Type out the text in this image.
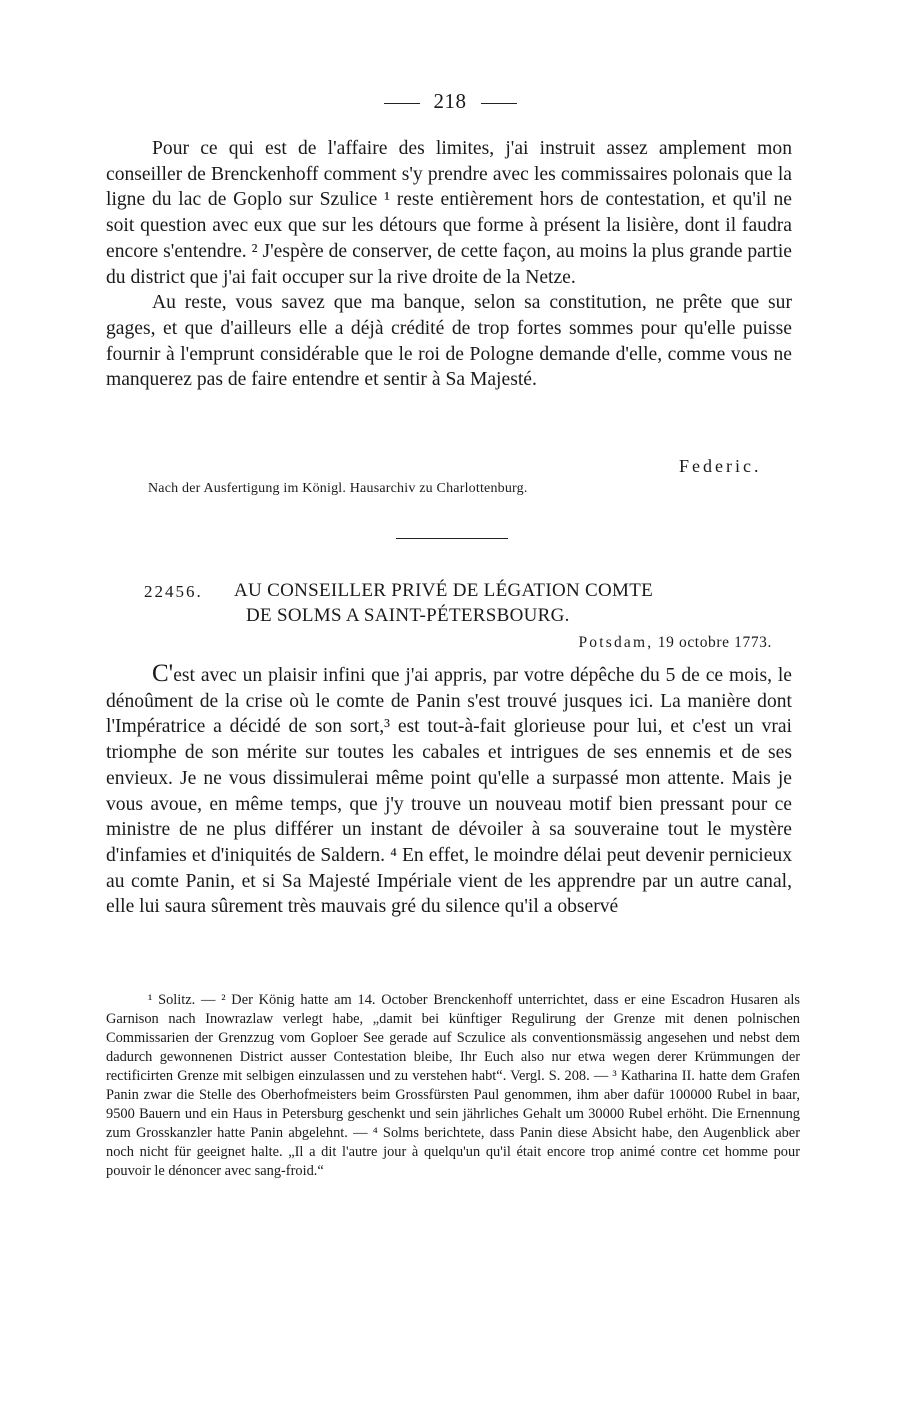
218

Pour ce qui est de l'affaire des limites, j'ai instruit assez amplement mon conseiller de Brenckenhoff comment s'y prendre avec les commissaires polonais que la ligne du lac de Goplo sur Szulice ¹ reste entièrement hors de contestation, et qu'il ne soit question avec eux que sur les détours que forme à présent la lisière, dont il faudra encore s'entendre. ² J'espère de conserver, de cette façon, au moins la plus grande partie du district que j'ai fait occuper sur la rive droite de la Netze.

Au reste, vous savez que ma banque, selon sa constitution, ne prête que sur gages, et que d'ailleurs elle a déjà crédité de trop fortes sommes pour qu'elle puisse fournir à l'emprunt considérable que le roi de Pologne demande d'elle, comme vous ne manquerez pas de faire entendre et sentir à Sa Majesté.

Federic.
Nach der Ausfertigung im Königl. Hausarchiv zu Charlottenburg.
22456. AU CONSEILLER PRIVÉ DE LÉGATION COMTE
DE SOLMS A SAINT-PÉTERSBOURG.
Potsdam, 19 octobre 1773.

C'est avec un plaisir infini que j'ai appris, par votre dépêche du 5 de ce mois, le dénoûment de la crise où le comte de Panin s'est trouvé jusques ici. La manière dont l'Impératrice a décidé de son sort,³ est tout-à-fait glorieuse pour lui, et c'est un vrai triomphe de son mérite sur toutes les cabales et intrigues de ses ennemis et de ses envieux. Je ne vous dissimulerai même point qu'elle a surpassé mon attente. Mais je vous avoue, en même temps, que j'y trouve un nouveau motif bien pressant pour ce ministre de ne plus différer un instant de dévoiler à sa souveraine tout le mystère d'infamies et d'iniquités de Saldern. ⁴ En effet, le moindre délai peut devenir pernicieux au comte Panin, et si Sa Majesté Impériale vient de les apprendre par un autre canal, elle lui saura sûrement très mauvais gré du silence qu'il a observé

¹ Solitz. — ² Der König hatte am 14. October Brenckenhoff unterrichtet, dass er eine Escadron Husaren als Garnison nach Inowrazlaw verlegt habe, „damit bei künftiger Regulirung der Grenze mit denen polnischen Commissarien der Grenzzug vom Goploer See gerade auf Sczulice als conventionsmässig angesehen und nebst dem dadurch gewonnenen District ausser Contestation bleibe, Ihr Euch also nur etwa wegen derer Krümmungen der rectificirten Grenze mit selbigen einzulassen und zu verstehen habt“. Vergl. S. 208. — ³ Katharina II. hatte dem Grafen Panin zwar die Stelle des Oberhofmeisters beim Grossfürsten Paul genommen, ihm aber dafür 100000 Rubel in baar, 9500 Bauern und ein Haus in Petersburg geschenkt und sein jährliches Gehalt um 30000 Rubel erhöht. Die Ernennung zum Grosskanzler hatte Panin abgelehnt. — ⁴ Solms berichtete, dass Panin diese Absicht habe, den Augenblick aber noch nicht für geeignet halte. „Il a dit l'autre jour à quelqu'un qu'il était encore trop animé contre cet homme pour pouvoir le dénoncer avec sang-froid.“
